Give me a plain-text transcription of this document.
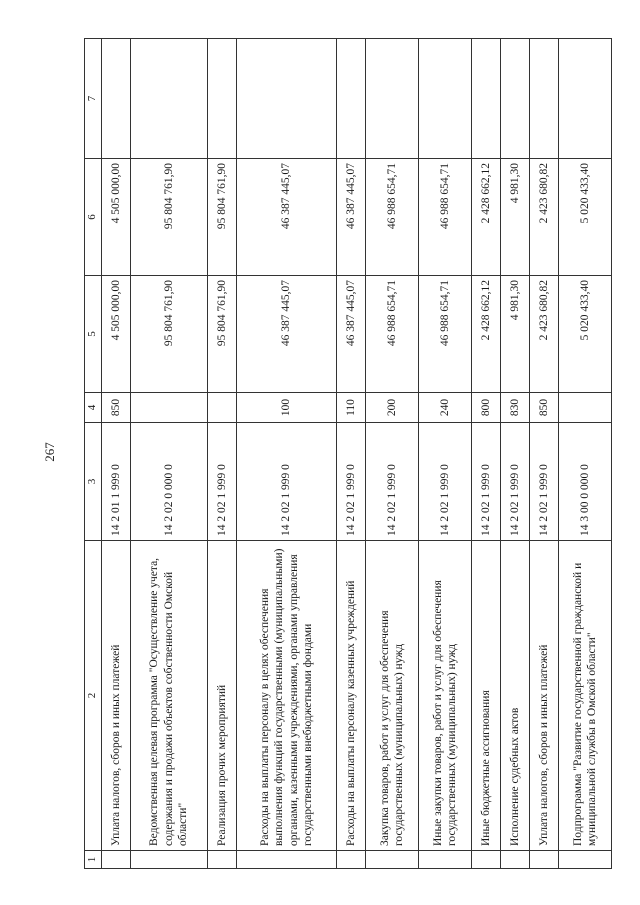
267
1	2	3	4	5	6	7
	Уплата налогов, сборов и иных платежей	14 2 01 1 999 0	850	4 505 000,00	4 505 000,00	
	Ведомственная целевая программа "Осуществление учета, содержания и продажи объектов собственности Омской области"	14 2 02 0 000 0		95 804 761,90	95 804 761,90	
	Реализация прочих мероприятий	14 2 02 1 999 0		95 804 761,90	95 804 761,90	
	Расходы на выплаты персоналу в целях обеспечения выполнения функций государственными (муниципальными) органами, казенными учреждениями, органами управления государственными внебюджетными фондами	14 2 02 1 999 0	100	46 387 445,07	46 387 445,07	
	Расходы на выплаты персоналу казенных учреждений	14 2 02 1 999 0	110	46 387 445,07	46 387 445,07	
	Закупка товаров, работ и услуг для обеспечения государственных (муниципальных) нужд	14 2 02 1 999 0	200	46 988 654,71	46 988 654,71	
	Иные закупки товаров, работ и услуг для обеспечения государственных (муниципальных) нужд	14 2 02 1 999 0	240	46 988 654,71	46 988 654,71	
	Иные бюджетные ассигнования	14 2 02 1 999 0	800	2 428 662,12	2 428 662,12	
	Исполнение судебных актов	14 2 02 1 999 0	830	4 981,30	4 981,30	
	Уплата налогов, сборов и иных платежей	14 2 02 1 999 0	850	2 423 680,82	2 423 680,82	
	Подпрограмма "Развитие государственной гражданской и муниципальной службы в Омской области"	14 3 00 0 000 0		5 020 433,40	5 020 433,40	
